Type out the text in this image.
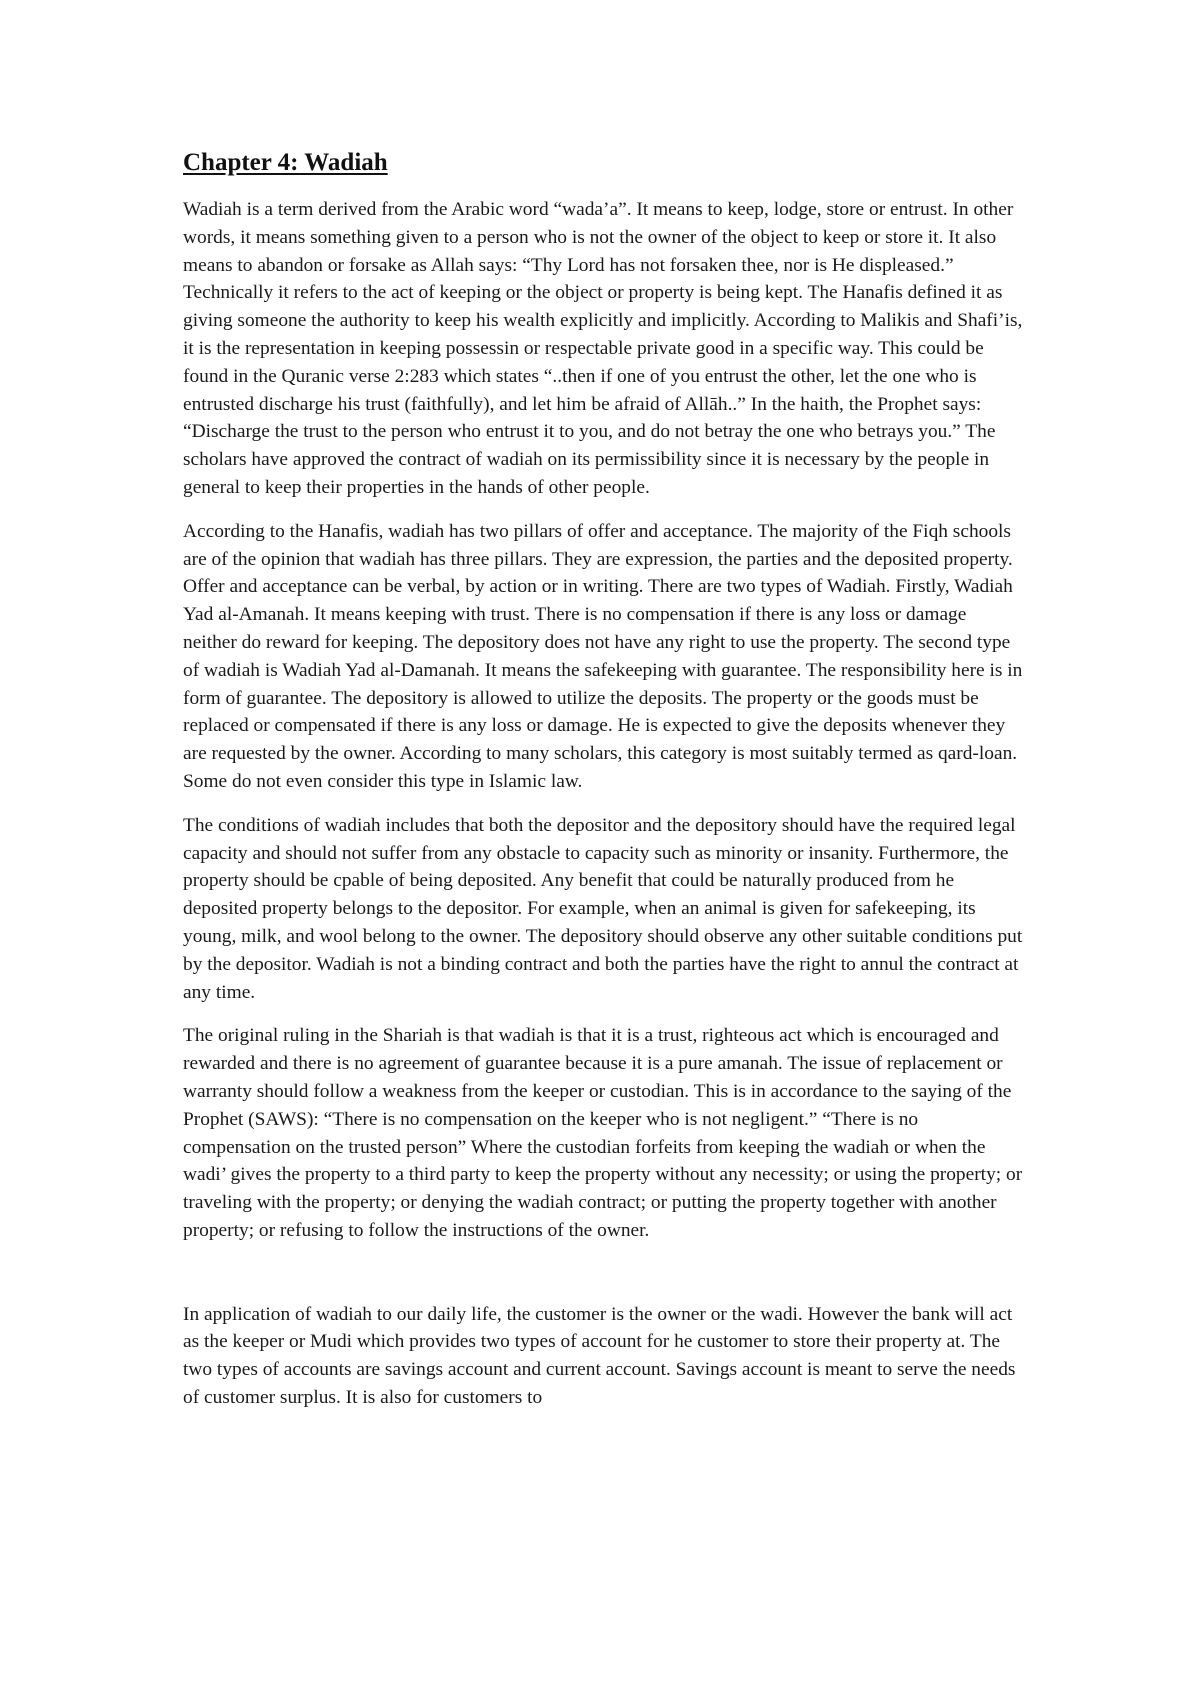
Chapter 4: Wadiah

Wadiah is a term derived from the Arabic word “wada’a”. It means to keep, lodge, store or entrust. In other words, it means something given to a person who is not the owner of the object to keep or store it. It also means to abandon or forsake as Allah says: “Thy Lord has not forsaken thee, nor is He displeased.” Technically it refers to the act of keeping or the object or property is being kept. The Hanafis defined it as giving someone the authority to keep his wealth explicitly and implicitly. According to Malikis and Shafi’is, it is the representation in keeping possessin or respectable private good in a specific way. This could be found in the Quranic verse 2:283 which states “..then if one of you entrust the other, let the one who is entrusted discharge his trust (faithfully), and let him be afraid of Allāh..” In the haith, the Prophet says: “Discharge the trust to the person who entrust it to you, and do not betray the one who betrays you.” The scholars have approved the contract of wadiah on its permissibility since it is necessary by the people in general to keep their properties in the hands of other people.

According to the Hanafis, wadiah has two pillars of offer and acceptance. The majority of the Fiqh schools are of the opinion that wadiah has three pillars. They are expression, the parties and the deposited property. Offer and acceptance can be verbal, by action or in writing. There are two types of Wadiah. Firstly, Wadiah Yad al-Amanah. It means keeping with trust. There is no compensation if there is any loss or damage neither do reward for keeping. The depository does not have any right to use the property. The second type of wadiah is Wadiah Yad al-Damanah. It means the safekeeping with guarantee. The responsibility here is in form of guarantee. The depository is allowed to utilize the deposits. The property or the goods must be replaced or compensated if there is any loss or damage. He is expected to give the deposits whenever they are requested by the owner. According to many scholars, this category is most suitably termed as qard-loan. Some do not even consider this type in Islamic law.

The conditions of wadiah includes that both the depositor and the depository should have the required legal capacity and should not suffer from any obstacle to capacity such as minority or insanity. Furthermore, the property should be cpable of being deposited. Any benefit that could be naturally produced from he deposited property belongs to the depositor. For example, when an animal is given for safekeeping, its young, milk, and wool belong to the owner. The depository should observe any other suitable conditions put by the depositor. Wadiah is not a binding contract and both the parties have the right to annul the contract at any time.

The original ruling in the Shariah is that wadiah is that it is a trust, righteous act which is encouraged and rewarded and there is no agreement of guarantee because it is a pure amanah. The issue of replacement or warranty should follow a weakness from the keeper or custodian. This is in accordance to the saying of the Prophet (SAWS): “There is no compensation on the keeper who is not negligent.” “There is no compensation on the trusted person” Where the custodian forfeits from keeping the wadiah or when the wadi’ gives the property to a third party to keep the property without any necessity; or using the property; or traveling with the property; or denying the wadiah contract; or putting the property together with another property; or refusing to follow the instructions of the owner.

In application of wadiah to our daily life, the customer is the owner or the wadi. However the bank will act as the keeper or Mudi which provides two types of account for he customer to store their property at. The two types of accounts are savings account and current account. Savings account is meant to serve the needs of customer surplus. It is also for customers to
